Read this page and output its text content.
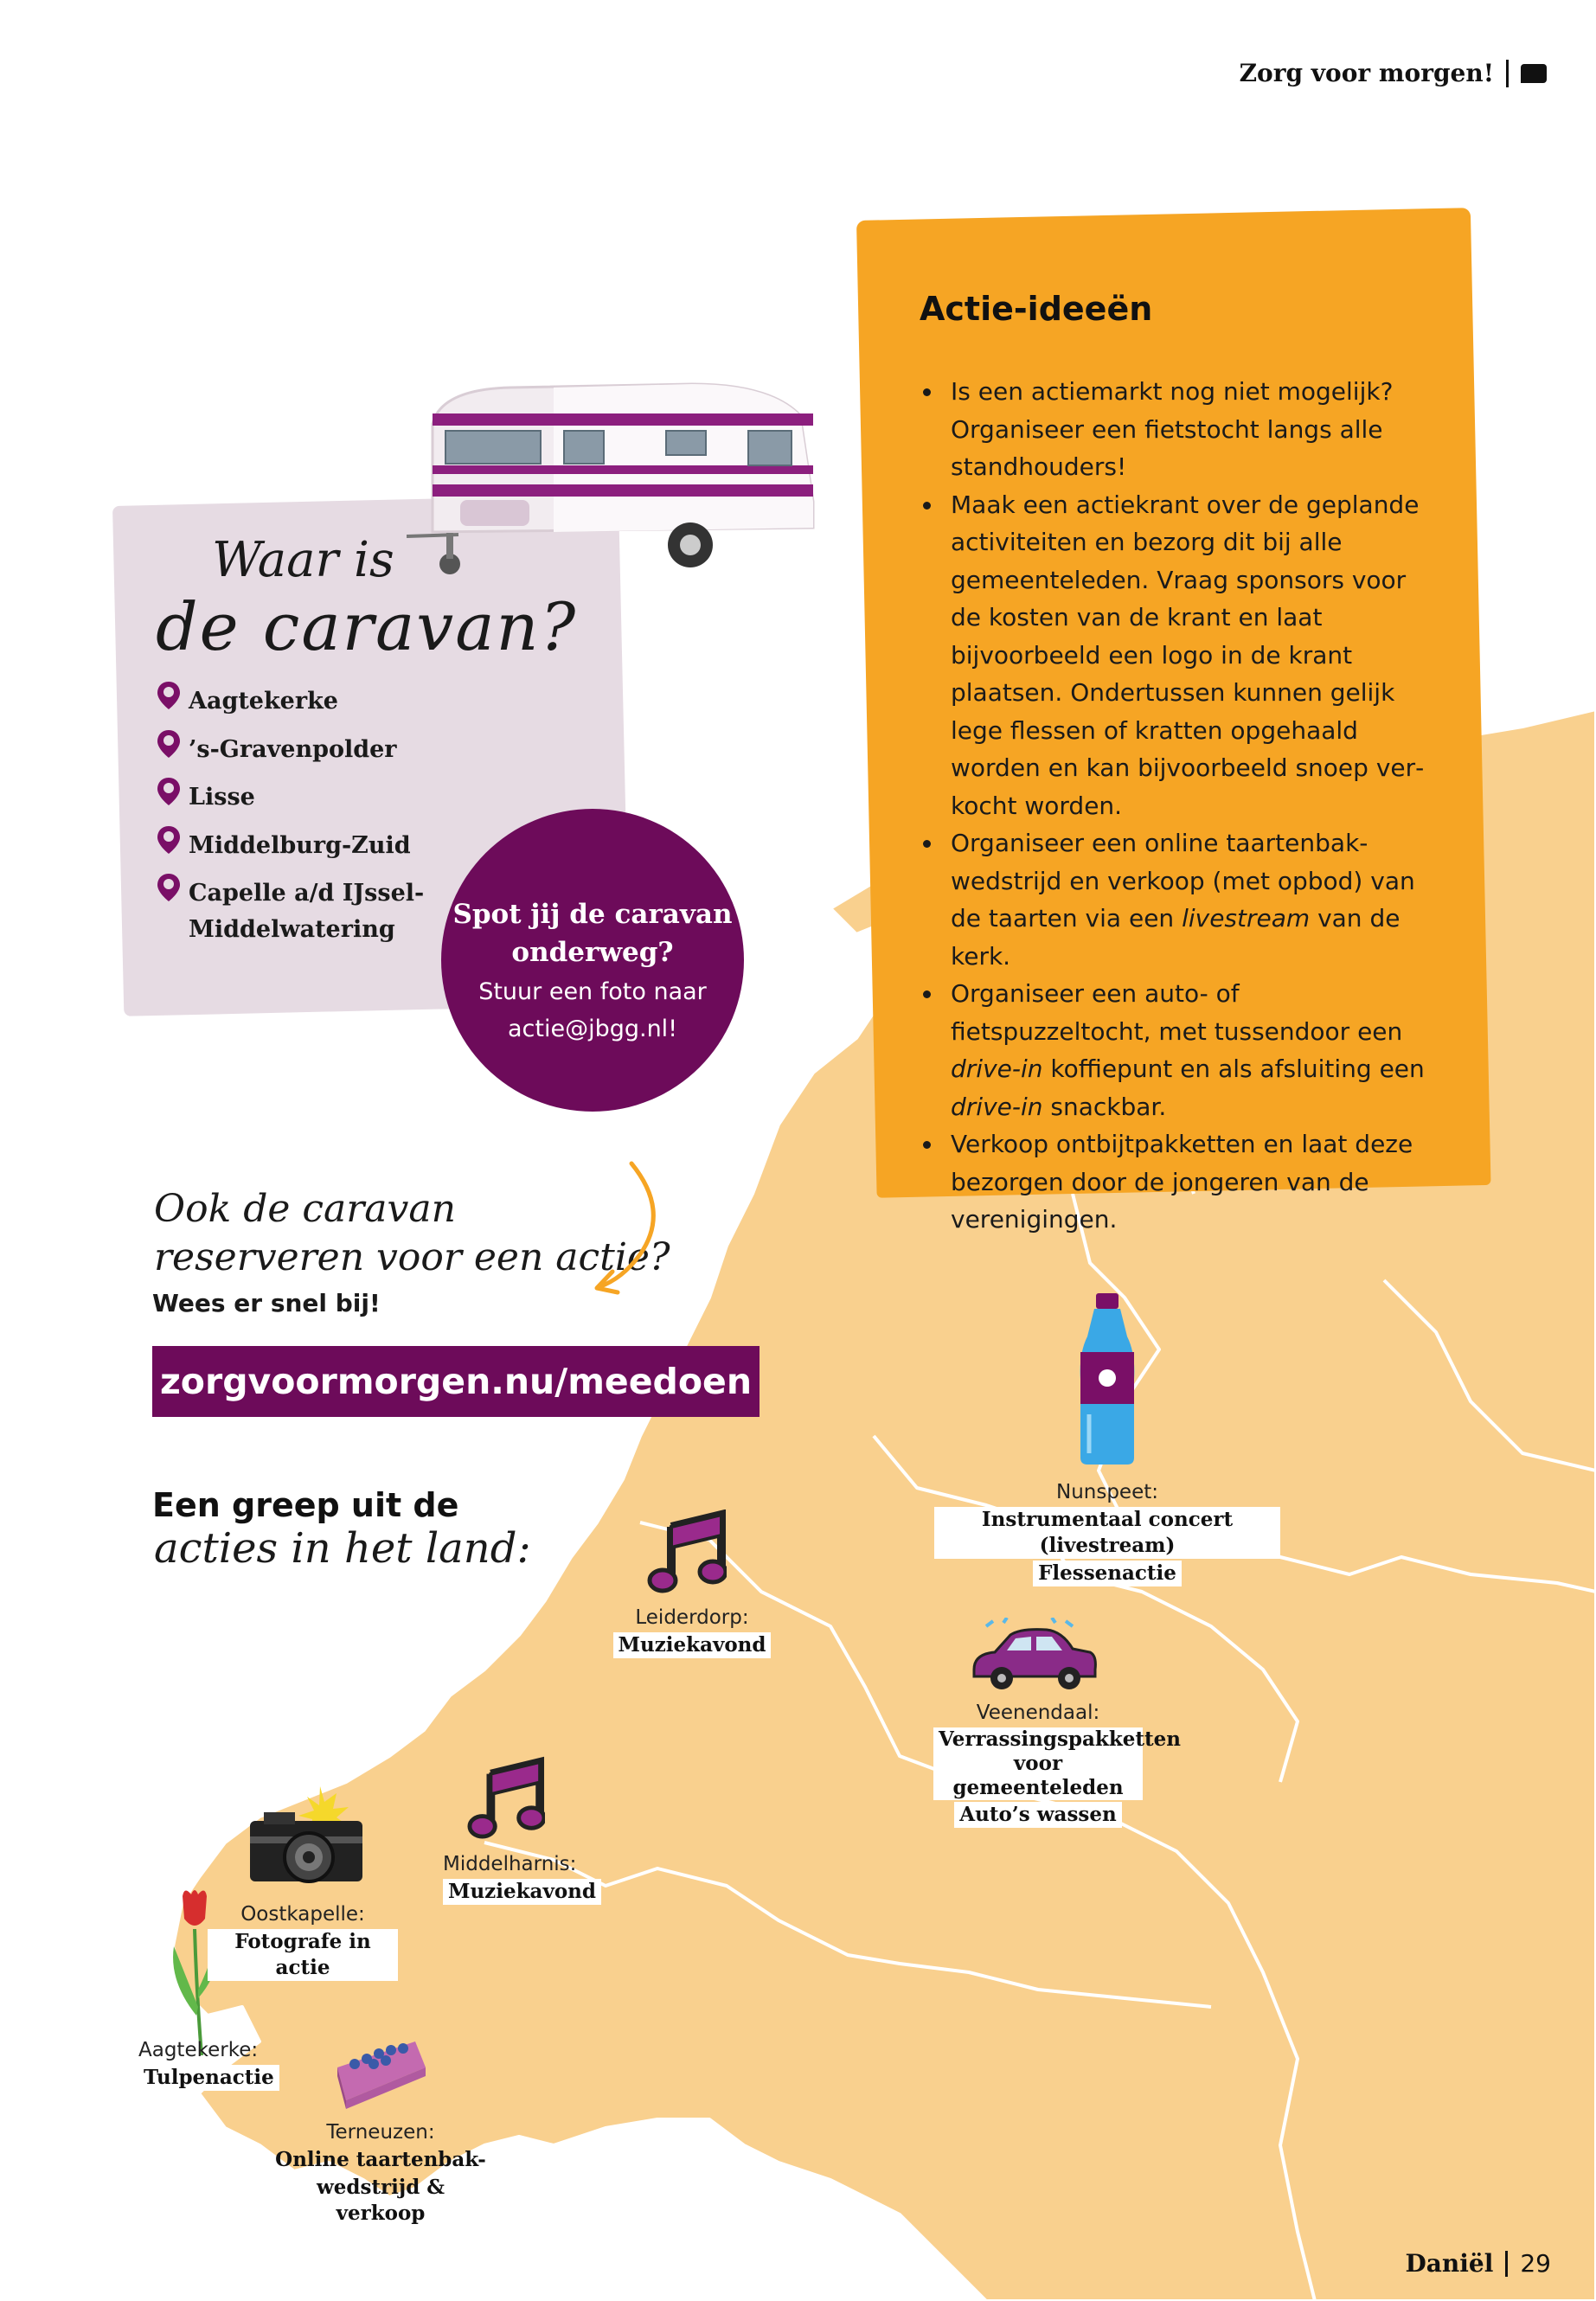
Zorg voor morgen!
Actie-ideeën
Is een actiemarkt nog niet mogelijk? Organiseer een fietstocht langs alle standhouders!
Maak een actiekrant over de geplande activiteiten en bezorg dit bij alle gemeenteleden. Vraag sponsors voor de kosten van de krant en laat bijvoorbeeld een logo in de krant plaatsen. Ondertussen kunnen gelijk lege flessen of kratten opgehaald worden en kan bijvoorbeeld snoep verkocht worden.
Organiseer een online taartenbakwedstrijd en verkoop (met opbod) van de taarten via een livestream van de kerk.
Organiseer een auto- of fietspuzzeltocht, met tussendoor een drive-in koffiepunt en als afsluiting een drive-in snackbar.
Verkoop ontbijtpakketten en laat deze bezorgen door de jongeren van de verenigingen.
Waar is
de caravan?
Aagtekerke
’s-Gravenpolder
Lisse
Middelburg-Zuid
Capelle a/d IJssel-
Middelwatering	Spot jij de caravan onderweg?
Stuur een foto naar
actie@jbgg.nl!
Ook de caravan
reserveren voor een actie?
Wees er snel bij!
zorgvoormorgen.nu/meedoen
Een greep uit de
acties in het land:
Nunspeet:
Instrumentaal concert (livestream)
Flessenactie
Leiderdorp:
Muziekavond
Veenendaal:
Verrassingspakketten voor gemeenteleden
Auto’s wassen
Middelharnis:
Muziekavond
Oostkapelle:
Fotografe in actie
Aagtekerke:
Tulpenactie
Terneuzen:
Online taartenbak-
wedstrijd & verkoop
Daniël 29
